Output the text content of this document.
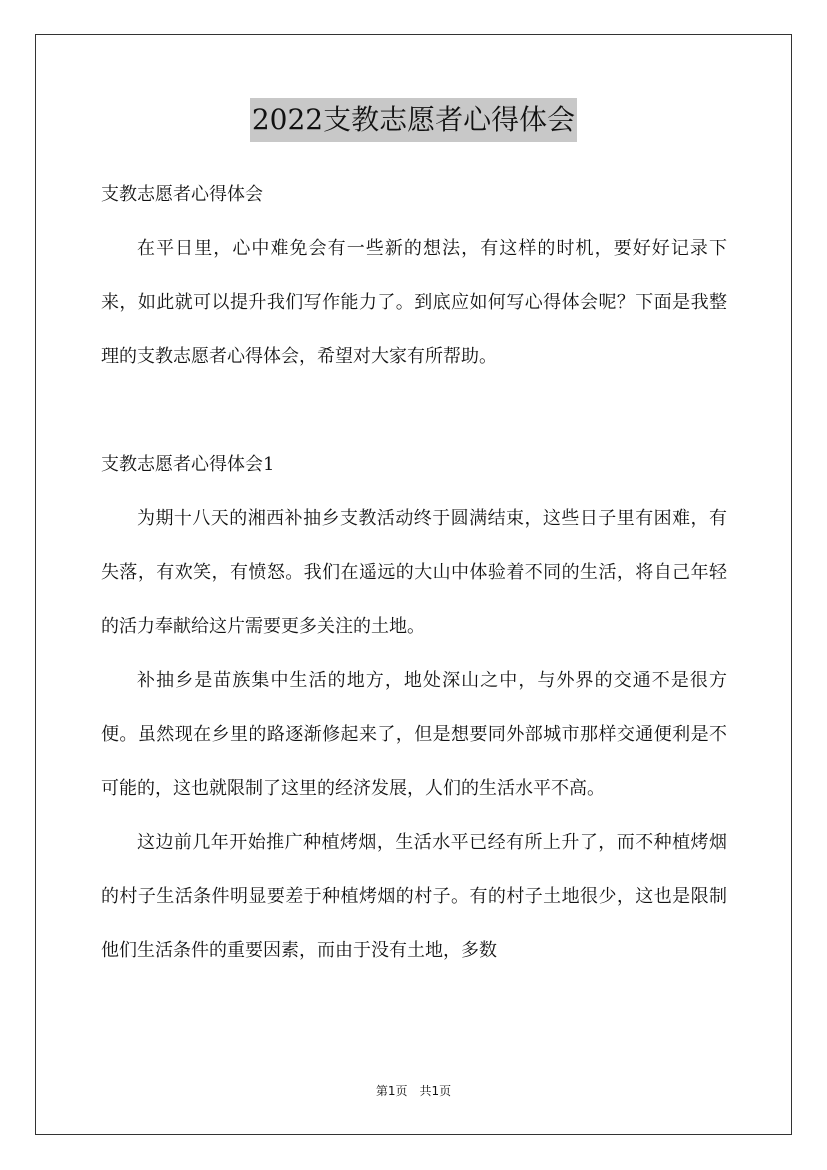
2022支教志愿者心得体会

支教志愿者心得体会

在平日里，心中难免会有一些新的想法，有这样的时机，要好好记录下来，如此就可以提升我们写作能力了。到底应如何写心得体会呢？下面是我整理的支教志愿者心得体会，希望对大家有所帮助。

支教志愿者心得体会1

为期十八天的湘西补抽乡支教活动终于圆满结束，这些日子里有困难，有失落，有欢笑，有愤怒。我们在遥远的大山中体验着不同的生活，将自己年轻的活力奉献给这片需要更多关注的土地。

补抽乡是苗族集中生活的地方，地处深山之中，与外界的交通不是很方便。虽然现在乡里的路逐渐修起来了，但是想要同外部城市那样交通便利是不可能的，这也就限制了这里的经济发展，人们的生活水平不高。

这边前几年开始推广种植烤烟，生活水平已经有所上升了，而不种植烤烟的村子生活条件明显要差于种植烤烟的村子。有的村子土地很少，这也是限制他们生活条件的重要因素，而由于没有土地，多数

第1页　共1页
